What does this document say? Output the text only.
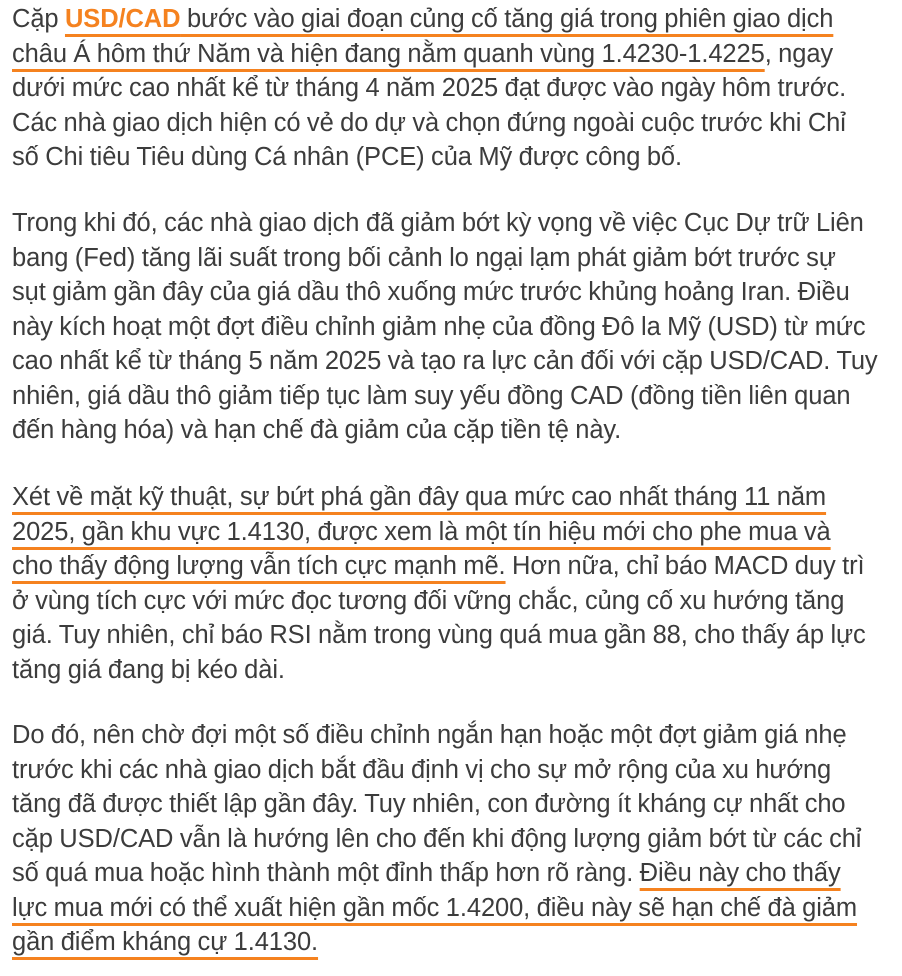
Cặp USD/CAD bước vào giai đoạn củng cố tăng giá trong phiên giao dịch
châu Á hôm thứ Năm và hiện đang nằm quanh vùng 1.4230-1.4225, ngay
dưới mức cao nhất kể từ tháng 4 năm 2025 đạt được vào ngày hôm trước.
Các nhà giao dịch hiện có vẻ do dự và chọn đứng ngoài cuộc trước khi Chỉ
số Chi tiêu Tiêu dùng Cá nhân (PCE) của Mỹ được công bố.

Trong khi đó, các nhà giao dịch đã giảm bớt kỳ vọng về việc Cục Dự trữ Liên
bang (Fed) tăng lãi suất trong bối cảnh lo ngại lạm phát giảm bớt trước sự
sụt giảm gần đây của giá dầu thô xuống mức trước khủng hoảng Iran. Điều
này kích hoạt một đợt điều chỉnh giảm nhẹ của đồng Đô la Mỹ (USD) từ mức
cao nhất kể từ tháng 5 năm 2025 và tạo ra lực cản đối với cặp USD/CAD. Tuy
nhiên, giá dầu thô giảm tiếp tục làm suy yếu đồng CAD (đồng tiền liên quan
đến hàng hóa) và hạn chế đà giảm của cặp tiền tệ này.

Xét về mặt kỹ thuật, sự bứt phá gần đây qua mức cao nhất tháng 11 năm
2025, gần khu vực 1.4130, được xem là một tín hiệu mới cho phe mua và
cho thấy động lượng vẫn tích cực mạnh mẽ. Hơn nữa, chỉ báo MACD duy trì
ở vùng tích cực với mức đọc tương đối vững chắc, củng cố xu hướng tăng
giá. Tuy nhiên, chỉ báo RSI nằm trong vùng quá mua gần 88, cho thấy áp lực
tăng giá đang bị kéo dài.

Do đó, nên chờ đợi một số điều chỉnh ngắn hạn hoặc một đợt giảm giá nhẹ
trước khi các nhà giao dịch bắt đầu định vị cho sự mở rộng của xu hướng
tăng đã được thiết lập gần đây. Tuy nhiên, con đường ít kháng cự nhất cho
cặp USD/CAD vẫn là hướng lên cho đến khi động lượng giảm bớt từ các chỉ
số quá mua hoặc hình thành một đỉnh thấp hơn rõ ràng. Điều này cho thấy
lực mua mới có thể xuất hiện gần mốc 1.4200, điều này sẽ hạn chế đà giảm
gần điểm kháng cự 1.4130.
